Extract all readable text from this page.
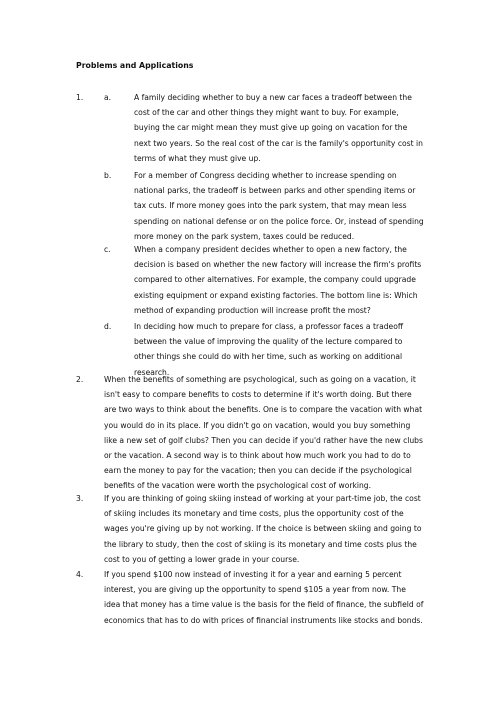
Problems and Applications
1.	a.	A family deciding whether to buy a new car faces a tradeoff between the cost of the car and other things they might want to buy. For example, buying the car might mean they must give up going on vacation for the next two years. So the real cost of the car is the family's opportunity cost in terms of what they must give up.

b.	For a member of Congress deciding whether to increase spending on national parks, the tradeoff is between parks and other spending items or tax cuts. If more money goes into the park system, that may mean less spending on national defense or on the police force. Or, instead of spending more money on the park system, taxes could be reduced.

c.	When a company president decides whether to open a new factory, the decision is based on whether the new factory will increase the firm's profits compared to other alternatives. For example, the company could upgrade existing equipment or expand existing factories. The bottom line is: Which method of expanding production will increase profit the most?

d.	In deciding how much to prepare for class, a professor faces a tradeoff between the value of improving the quality of the lecture compared to other things she could do with her time, such as working on additional research.

2.	When the benefits of something are psychological, such as going on a vacation, it isn't easy to compare benefits to costs to determine if it's worth doing. But there are two ways to think about the benefits. One is to compare the vacation with what you would do in its place. If you didn't go on vacation, would you buy something like a new set of golf clubs? Then you can decide if you'd rather have the new clubs or the vacation. A second way is to think about how much work you had to do to earn the money to pay for the vacation; then you can decide if the psychological benefits of the vacation were worth the psychological cost of working.

3.	If you are thinking of going skiing instead of working at your part-time job, the cost of skiing includes its monetary and time costs, plus the opportunity cost of the wages you're giving up by not working. If the choice is between skiing and going to the library to study, then the cost of skiing is its monetary and time costs plus the cost to you of getting a lower grade in your course.

4.	If you spend $100 now instead of investing it for a year and earning 5 percent interest, you are giving up the opportunity to spend $105 a year from now. The idea that money has a time value is the basis for the field of finance, the subfield of economics that has to do with prices of financial instruments like stocks and bonds.
